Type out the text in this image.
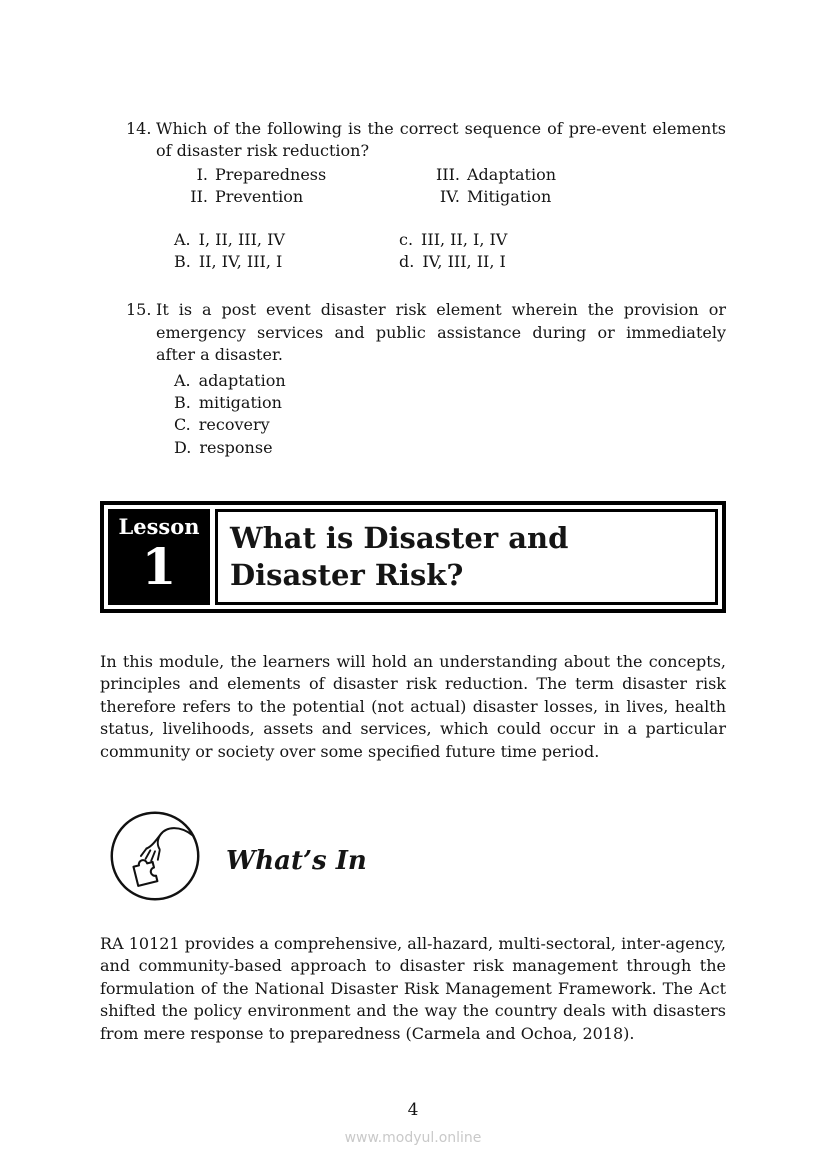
14. Which of the following is the correct sequence of pre-event elements of disaster risk reduction?

I. Preparedness	III. Adaptation
II. Prevention	IV. Mitigation
A. I, II, III, IV	c. III, II, I, IV
B. II, IV, III, I	d. IV, III, II, I
15. It is a post event disaster risk element wherein the provision or emergency services and public assistance during or immediately after a disaster.

A. adaptation
B. mitigation
C. recovery
D. response
Lesson
1 What is Disaster and
Disaster Risk?

In this module, the learners will hold an understanding about the concepts, principles and elements of disaster risk reduction. The term disaster risk therefore refers to the potential (not actual) disaster losses, in lives, health status, livelihoods, assets and services, which could occur in a particular community or society over some specified future time period.

What’s In

RA 10121 provides a comprehensive, all-hazard, multi-sectoral, inter-agency, and community-based approach to disaster risk management through the formulation of the National Disaster Risk Management Framework. The Act shifted the policy environment and the way the country deals with disasters from mere response to preparedness (Carmela and Ochoa, 2018).

4
www.modyul.online
